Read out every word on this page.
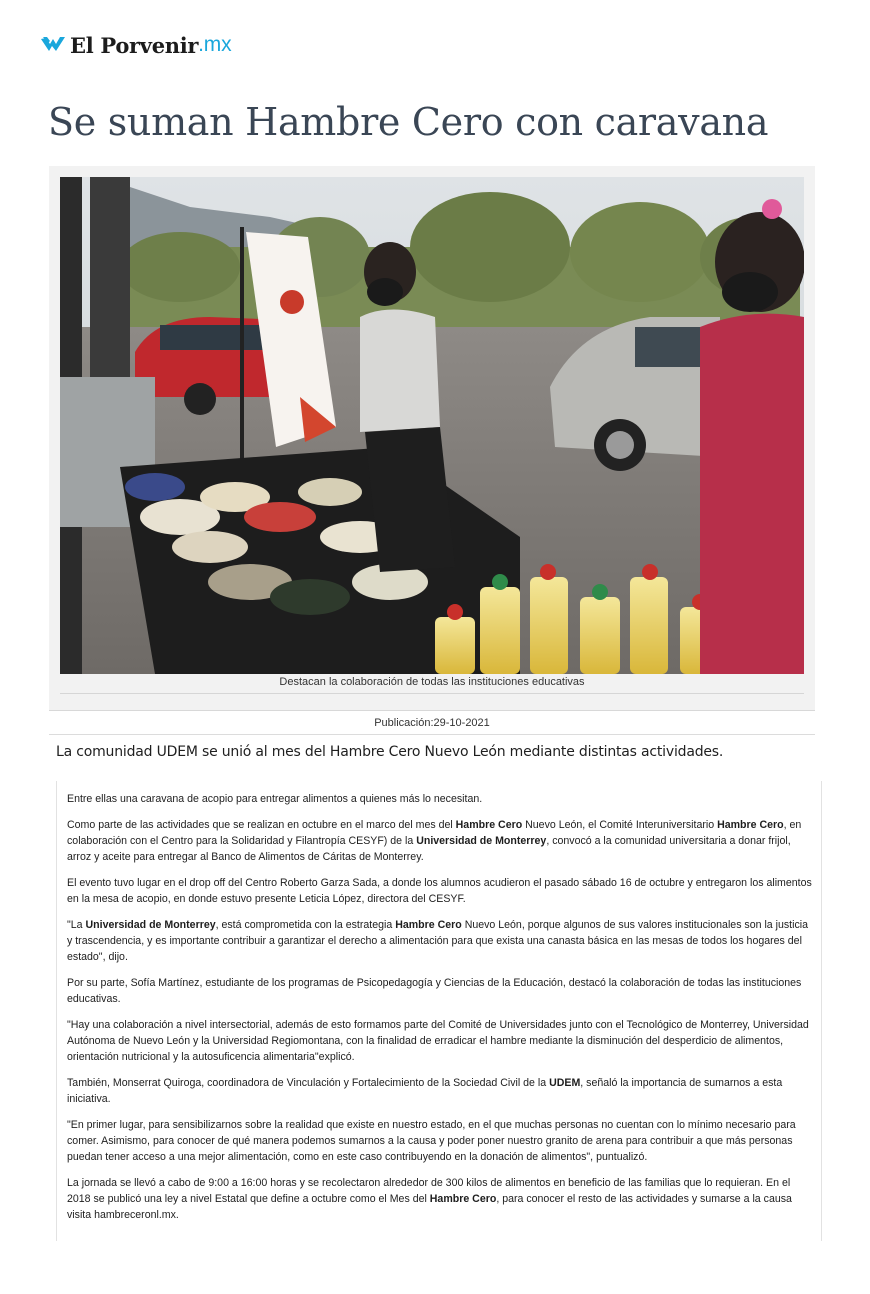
El Porvenir .mx
Se suman Hambre Cero con caravana
Destacan la colaboración de todas las instituciones educativas
Publicación:29-10-2021
La comunidad UDEM se unió al mes del Hambre Cero Nuevo León mediante distintas actividades.

Entre ellas una caravana de acopio para entregar alimentos a quienes más lo necesitan.

Como parte de las actividades que se realizan en octubre en el marco del mes del Hambre Cero Nuevo León, el Comité Interuniversitario Hambre Cero, en colaboración con el Centro para la Solidaridad y Filantropía CESYF) de la Universidad de Monterrey, convocó a la comunidad universitaria a donar frijol, arroz y aceite para entregar al Banco de Alimentos de Cáritas de Monterrey.

El evento tuvo lugar en el drop off del Centro Roberto Garza Sada, a donde los alumnos acudieron el pasado sábado 16 de octubre y entregaron los alimentos en la mesa de acopio, en donde estuvo presente Leticia López, directora del CESYF.

"La Universidad de Monterrey, está comprometida con la estrategia Hambre Cero Nuevo León, porque algunos de sus valores institucionales son la justicia y trascendencia, y es importante contribuir a garantizar el derecho a alimentación para que exista una canasta básica en las mesas de todos los hogares del estado", dijo.

Por su parte, Sofía Martínez, estudiante de los programas de Psicopedagogía y Ciencias de la Educación, destacó la colaboración de todas las instituciones educativas.

"Hay una colaboración a nivel intersectorial, además de esto formamos parte del Comité de Universidades junto con el Tecnológico de Monterrey, Universidad Autónoma de Nuevo León y la Universidad Regiomontana, con la finalidad de erradicar el hambre mediante la disminución del desperdicio de alimentos, orientación nutricional y la autosuficencia alimentaria"explicó.

También, Monserrat Quiroga, coordinadora de Vinculación y Fortalecimiento de la Sociedad Civil de la UDEM, señaló la importancia de sumarnos a esta iniciativa.

"En primer lugar, para sensibilizarnos sobre la realidad que existe en nuestro estado, en el que muchas personas no cuentan con lo mínimo necesario para comer. Asimismo, para conocer de qué manera podemos sumarnos a la causa y poder poner nuestro granito de arena para contribuir a que más personas puedan tener acceso a una mejor alimentación, como en este caso contribuyendo en la donación de alimentos", puntualizó.

La jornada se llevó a cabo de 9:00 a 16:00 horas y se recolectaron alrededor de 300 kilos de alimentos en beneficio de las familias que lo requieran. En el 2018 se publicó una ley a nivel Estatal que define a octubre como el Mes del Hambre Cero, para conocer el resto de las actividades y sumarse a la causa visita hambreceronl.mx.
